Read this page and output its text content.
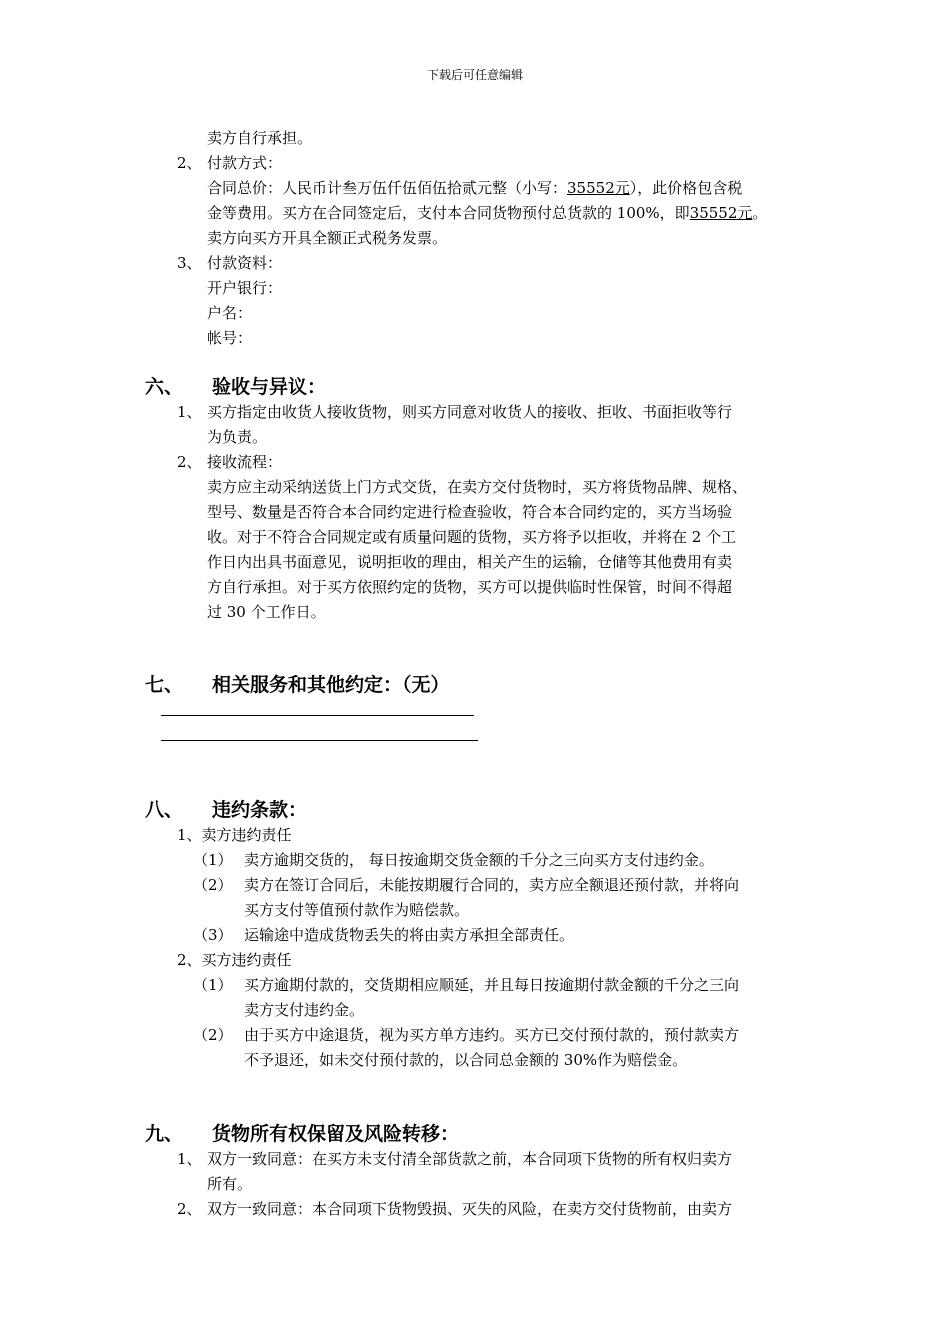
下载后可任意编辑
卖方自行承担。
2、 付款方式：
合同总价：人民币计叁万伍仟伍佰伍拾贰元整（小写：35552元），此价格包含税
金等费用。买方在合同签定后，支付本合同货物预付总货款的 100%，即35552元。
卖方向买方开具全额正式税务发票。
3、 付款资料：
开户银行：
户名：
帐号：
六、 验收与异议：
1、 买方指定由收货人接收货物，则买方同意对收货人的接收、拒收、书面拒收等行
为负责。
2、 接收流程：
卖方应主动采纳送货上门方式交货，在卖方交付货物时，买方将货物品牌、规格、
型号、数量是否符合本合同约定进行检查验收，符合本合同约定的，买方当场验
收。对于不符合合同规定或有质量问题的货物，买方将予以拒收，并将在 2 个工
作日内出具书面意见，说明拒收的理由，相关产生的运输，仓储等其他费用有卖
方自行承担。对于买方依照约定的货物，买方可以提供临时性保管，时间不得超
过 30 个工作日。
七、 相关服务和其他约定：（无）
八、 违约条款：
1、卖方违约责任
（1） 卖方逾期交货的， 每日按逾期交货金额的千分之三向买方支付违约金。
（2） 卖方在签订合同后，未能按期履行合同的，卖方应全额退还预付款，并将向
买方支付等值预付款作为赔偿款。
（3） 运输途中造成货物丢失的将由卖方承担全部责任。
2、买方违约责任
（1） 买方逾期付款的，交货期相应顺延，并且每日按逾期付款金额的千分之三向
卖方支付违约金。
（2） 由于买方中途退货，视为买方单方违约。买方已交付预付款的，预付款卖方
不予退还，如未交付预付款的，以合同总金额的 30%作为赔偿金。
九、 货物所有权保留及风险转移：
1、 双方一致同意：在买方未支付清全部货款之前，本合同项下货物的所有权归卖方
所有。
2、 双方一致同意：本合同项下货物毁损、灭失的风险，在卖方交付货物前，由卖方
